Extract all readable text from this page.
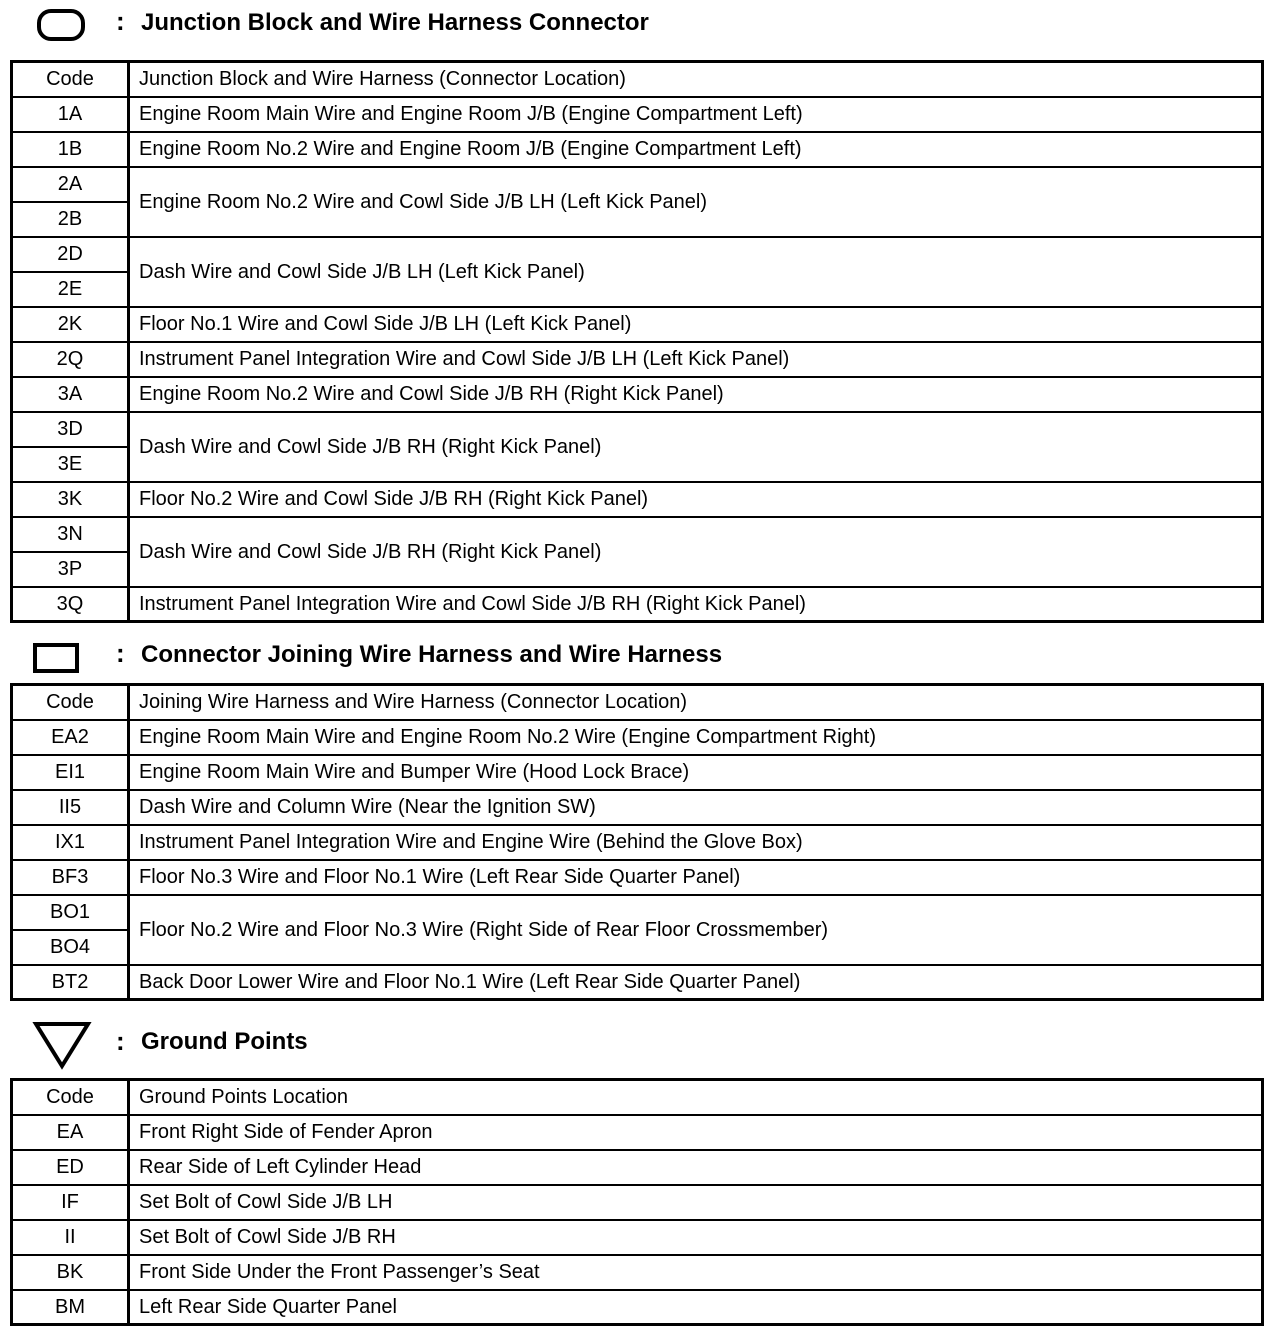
: Junction Block and Wire Harness Connector
Code	Junction Block and Wire Harness (Connector Location)
1A	Engine Room Main Wire and Engine Room J/B (Engine Compartment Left)
1B	Engine Room No.2 Wire and Engine Room J/B (Engine Compartment Left)
2A	Engine Room No.2 Wire and Cowl Side J/B LH (Left Kick Panel)
2B	
2D	Dash Wire and Cowl Side J/B LH (Left Kick Panel)
2E	
2K	Floor No.1 Wire and Cowl Side J/B LH (Left Kick Panel)
2Q	Instrument Panel Integration Wire and Cowl Side J/B LH (Left Kick Panel)
3A	Engine Room No.2 Wire and Cowl Side J/B RH (Right Kick Panel)
3D	Dash Wire and Cowl Side J/B RH (Right Kick Panel)
3E	
3K	Floor No.2 Wire and Cowl Side J/B RH (Right Kick Panel)
3N	Dash Wire and Cowl Side J/B RH (Right Kick Panel)
3P	
3Q	Instrument Panel Integration Wire and Cowl Side J/B RH (Right Kick Panel)
: Connector Joining Wire Harness and Wire Harness
Code	Joining Wire Harness and Wire Harness (Connector Location)
EA2	Engine Room Main Wire and Engine Room No.2 Wire (Engine Compartment Right)
EI1	Engine Room Main Wire and Bumper Wire (Hood Lock Brace)
II5	Dash Wire and Column Wire (Near the Ignition SW)
IX1	Instrument Panel Integration Wire and Engine Wire (Behind the Glove Box)
BF3	Floor No.3 Wire and Floor No.1 Wire (Left Rear Side Quarter Panel)
BO1	Floor No.2 Wire and Floor No.3 Wire (Right Side of Rear Floor Crossmember)
BO4	
BT2	Back Door Lower Wire and Floor No.1 Wire (Left Rear Side Quarter Panel)
: Ground Points
Code	Ground Points Location
EA	Front Right Side of Fender Apron
ED	Rear Side of Left Cylinder Head
IF	Set Bolt of Cowl Side J/B LH
II	Set Bolt of Cowl Side J/B RH
BK	Front Side Under the Front Passenger’s Seat
BM	Left Rear Side Quarter Panel
